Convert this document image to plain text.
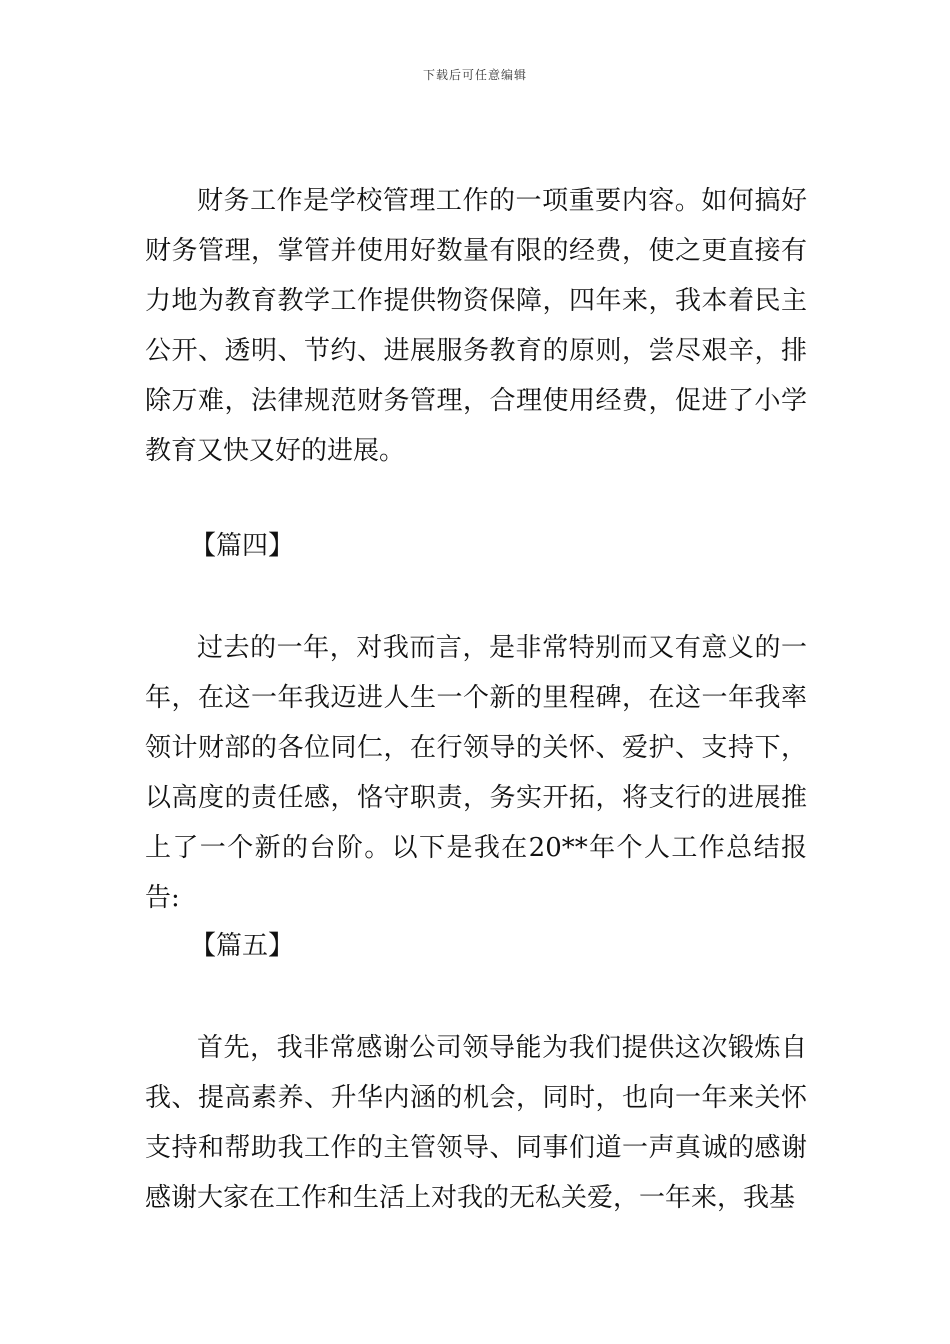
下载后可任意编辑

财务工作是学校管理工作的一项重要内容。如何搞好财务管理，掌管并使用好数量有限的经费，使之更直接有力地为教育教学工作提供物资保障，四年来，我本着民主公开、透明、节约、进展服务教育的原则，尝尽艰辛，排除万难，法律规范财务管理，合理使用经费，促进了小学教育又快又好的进展。

【篇四】

过去的一年，对我而言，是非常特别而又有意义的一年，在这一年我迈进人生一个新的里程碑，在这一年我率领计财部的各位同仁，在行领导的关怀、爱护、支持下，以高度的责任感，恪守职责，务实开拓，将支行的进展推上了一个新的台阶。以下是我在20**年个人工作总结报告:

【篇五】

首先，我非常感谢公司领导能为我们提供这次锻炼自我、提高素养、升华内涵的机会，同时，也向一年来关怀支持和帮助我工作的主管领导、同事们道一声真诚的感谢感谢大家在工作和生活上对我的无私关爱，一年来，我基
